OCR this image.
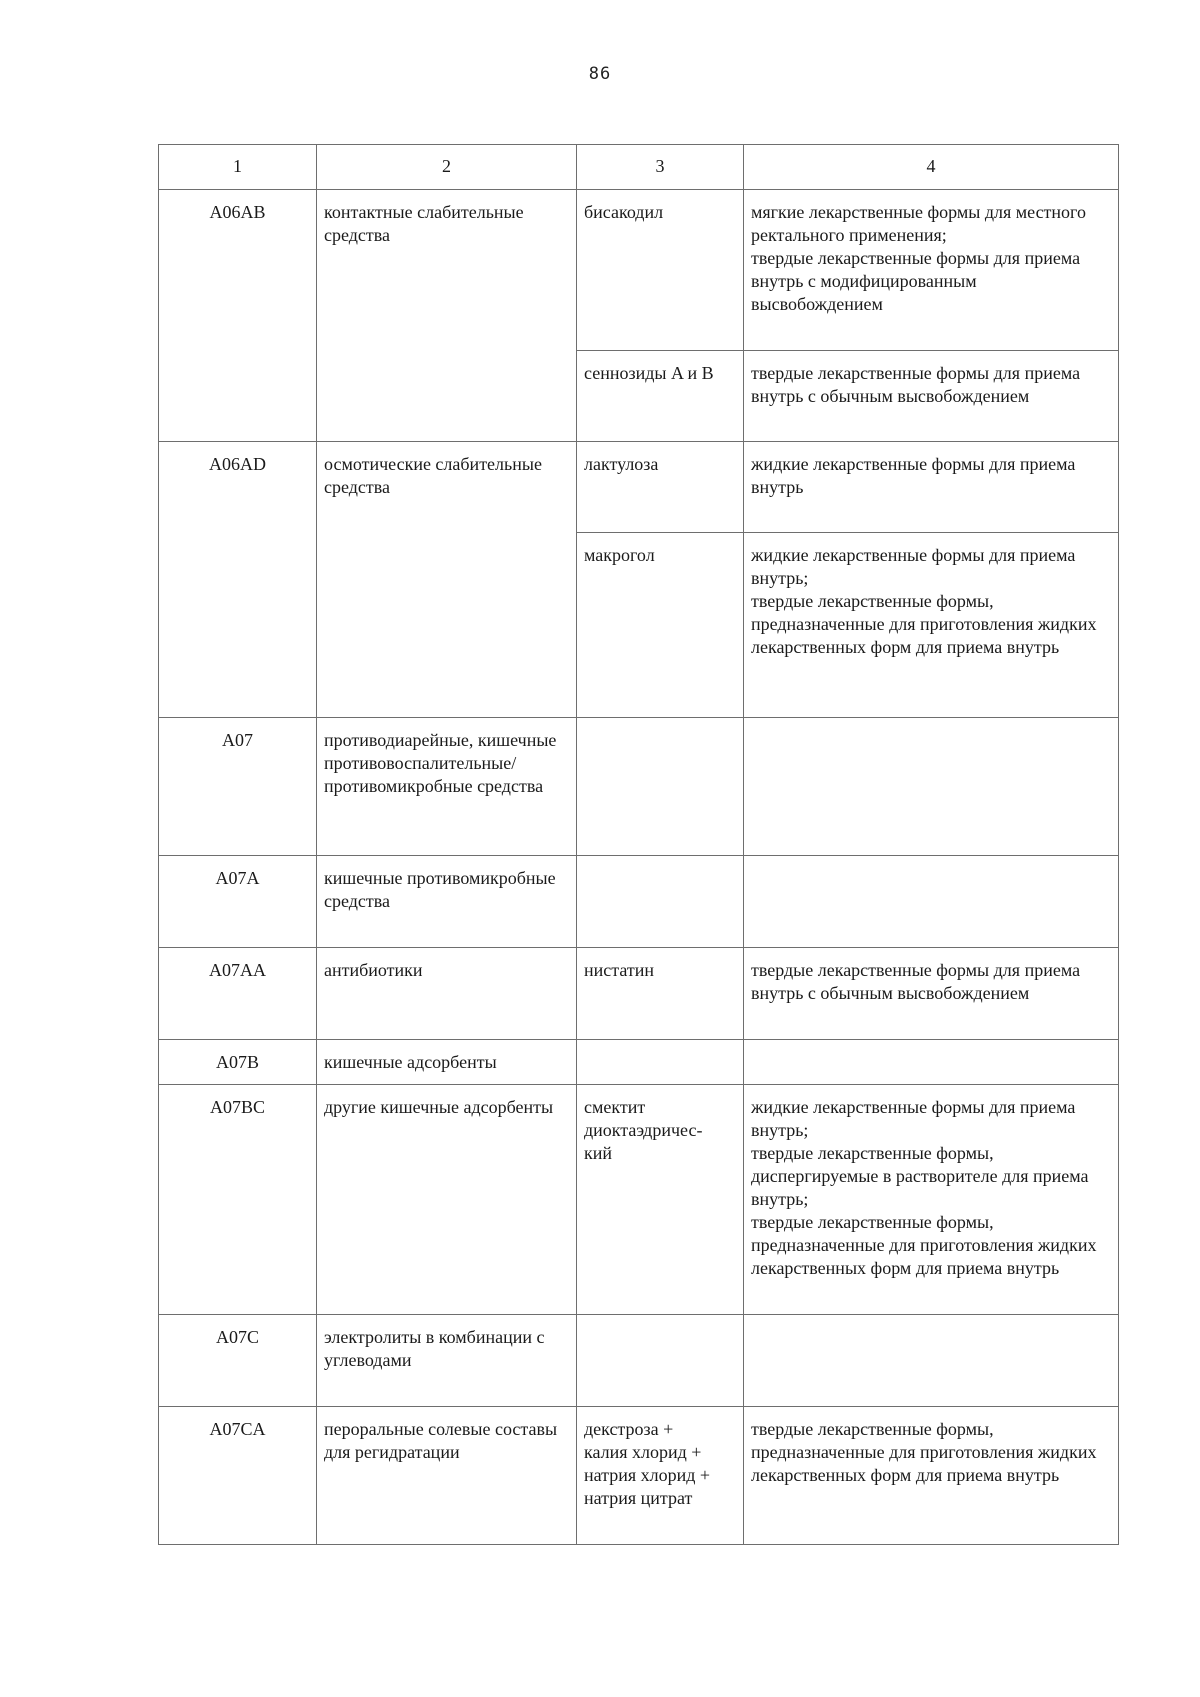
86
1	2	3	4
A06AB	контактные слабительные средства	бисакодил	мягкие лекарственные формы для местного ректального применения;
твердые лекарственные формы для приема внутрь с модифицированным высвобождением
		сеннозиды A и B	твердые лекарственные формы для приема внутрь с обычным высвобождением
A06AD	осмотические слабительные средства	лактулоза	жидкие лекарственные формы для приема внутрь
		макрогол	жидкие лекарственные формы для приема внутрь;
твердые лекарственные формы, предназначенные для приготовления жидких лекарственных форм для приема внутрь
A07	противодиарейные, кишечные противовоспалительные/ противомикробные средства		
A07A	кишечные противомикробные средства		
A07AA	антибиотики	нистатин	твердые лекарственные формы для приема внутрь с обычным высвобождением
A07B	кишечные адсорбенты		
A07BC	другие кишечные адсорбенты	смектит диоктаэдричес-
кий	жидкие лекарственные формы для приема внутрь;
твердые лекарственные формы, диспергируемые в растворителе для приема внутрь;
твердые лекарственные формы, предназначенные для приготовления жидких лекарственных форм для приема внутрь
A07C	электролиты в комбинации с углеводами		
A07CA	пероральные солевые составы для регидратации	декстроза +
калия хлорид +
натрия хлорид +
натрия цитрат	твердые лекарственные формы, предназначенные для приготовления жидких лекарственных форм для приема внутрь
